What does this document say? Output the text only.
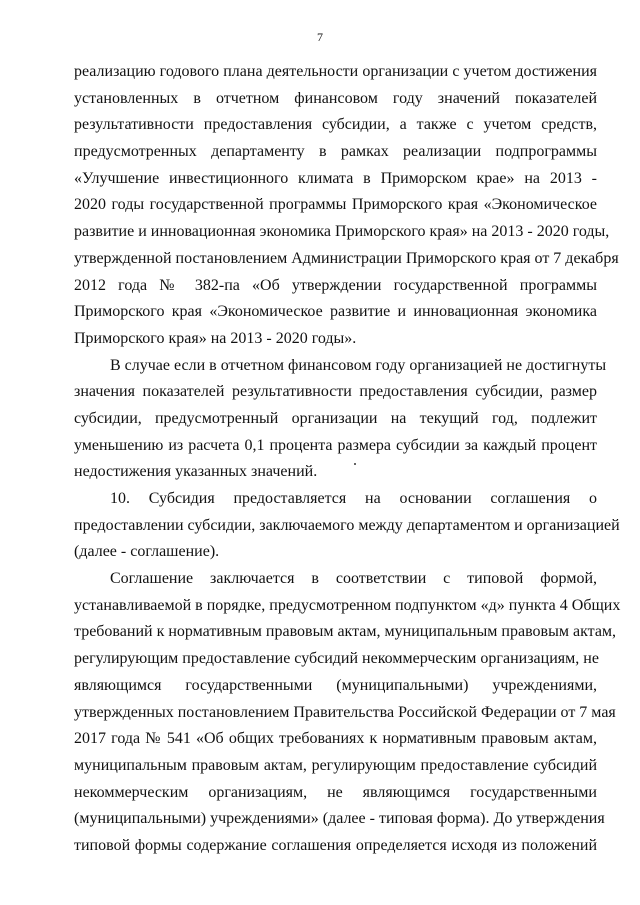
7
реализацию годового плана деятельности организации с учетом достижения
установленных в отчетном финансовом году значений показателей
результативности предоставления субсидии, а также с учетом средств,
предусмотренных департаменту в рамках реализации подпрограммы
«Улучшение инвестиционного климата в Приморском крае» на 2013 -
2020 годы государственной программы Приморского края «Экономическое
развитие и инновационная экономика Приморского края» на 2013 - 2020 годы,
утвержденной постановлением Администрации Приморского края от 7 декабря
2012 года № 382-па «Об утверждении государственной программы
Приморского края «Экономическое развитие и инновационная экономика
Приморского края» на 2013 - 2020 годы».
В случае если в отчетном финансовом году организацией не достигнуты
значения показателей результативности предоставления субсидии, размер
субсидии, предусмотренный организации на текущий год, подлежит
уменьшению из расчета 0,1 процента размера субсидии за каждый процент
недостижения указанных значений.
10. Субсидия предоставляется на основании соглашения о
предоставлении субсидии, заключаемого между департаментом и организацией
(далее - соглашение).
Соглашение заключается в соответствии с типовой формой,
устанавливаемой в порядке, предусмотренном подпунктом «д» пункта 4 Общих
требований к нормативным правовым актам, муниципальным правовым актам,
регулирующим предоставление субсидий некоммерческим организациям, не
являющимся государственными (муниципальными) учреждениями,
утвержденных постановлением Правительства Российской Федерации от 7 мая
2017 года № 541 «Об общих требованиях к нормативным правовым актам,
муниципальным правовым актам, регулирующим предоставление субсидий
некоммерческим организациям, не являющимся государственными
(муниципальными) учреждениями» (далее - типовая форма). До утверждения
типовой формы содержание соглашения определяется исходя из положений
